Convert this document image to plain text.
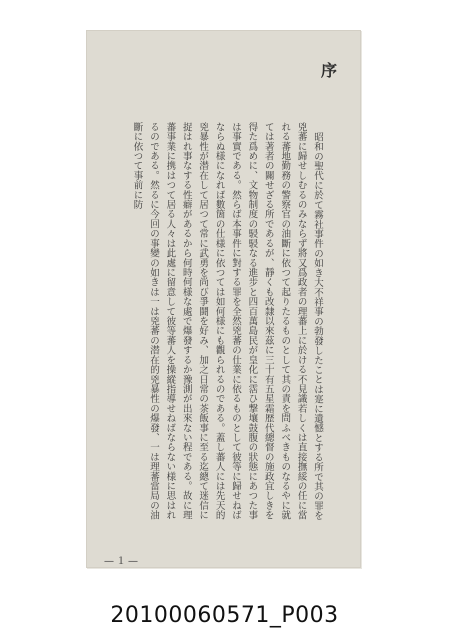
序

昭和の聖代に於て霧社事件の如き大不祥事の勃發したことは寔に遺憾とする所で其の罪を兇蕃に歸せしむるのみならず將又爲政者の理蕃上に於ける不見識若しくは直接撫綏の任に當れる蕃地勤務の警察官の油斷に依つて起りたるものとして其の責を問ふべきものなるやに就ては著者の關せざる所であるが、靜くも改隸以來茲に三十有五星霜歴代總督の施政宜しきを得た爲めに、文物制度の駸駸なる進步と四百萬島民が皇化に霑ひ撃壤鼓腹の狀態にあつた事は事實である。然らば本事件に對する罪を全然兇蕃の仕業に依るものとして彼等に歸せねばならぬ様になれば數箇の仕様に依つては如何様にも觀られるのである。蓋し蕃人には先天的兇暴性が潜在して居つて常に武勇を尚び爭鬪を好み、加之日常の茶飯事に至る迄總て迷信に捉はれ事なする性癖があるから何時何様な處で爆發するか豫測が出來ない程である。故に理蕃事業に携はつて居る人々は此處に留意して彼等蕃人を操縱指導せねばならない様に思はれるのである。然るに今回の事變の如きは一は兇蕃の潜在的兇暴性の爆發、一は理蕃當局の油斷に依つて事前に防

—１—
20100060571_P003
